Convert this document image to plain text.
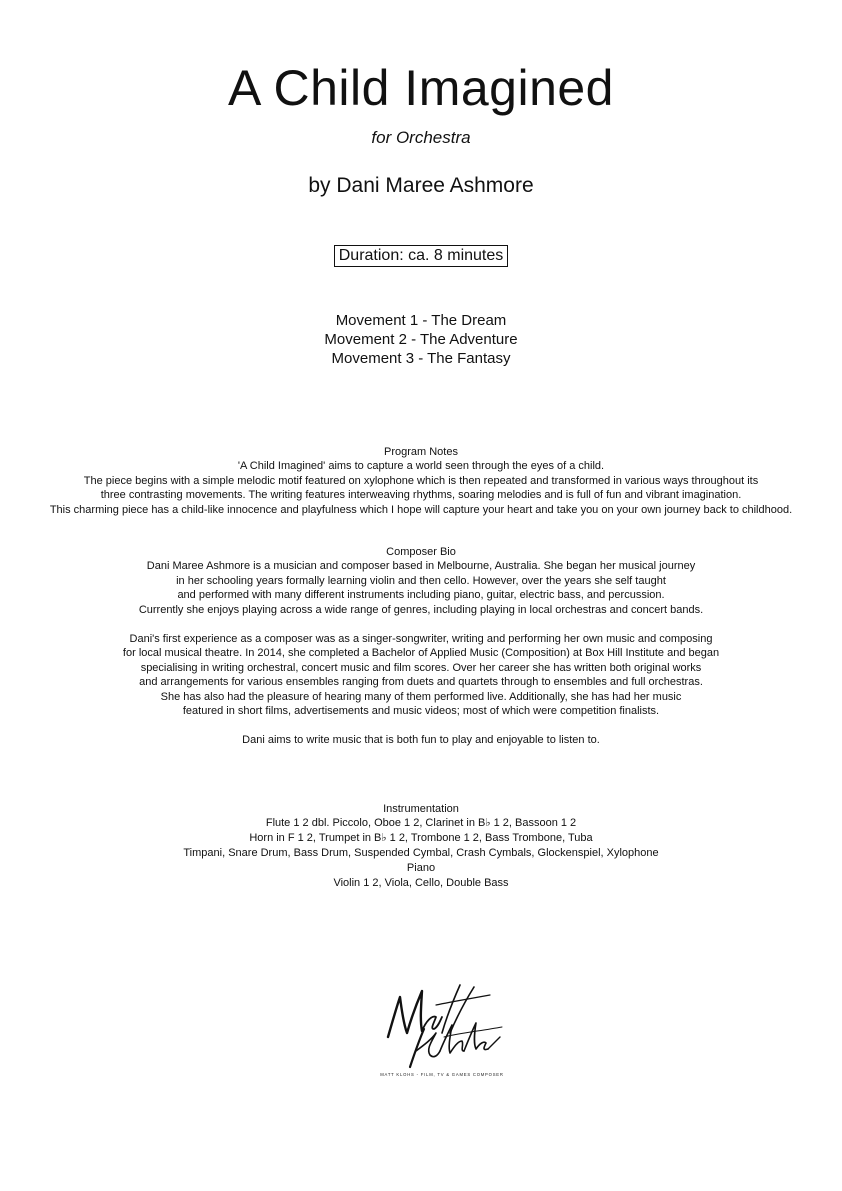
A Child Imagined
for Orchestra
by Dani Maree Ashmore
Duration: ca. 8 minutes
Movement 1 - The Dream
Movement 2 - The Adventure
Movement 3 - The Fantasy
Program Notes
'A Child Imagined' aims to capture a world seen through the eyes of a child.
The piece begins with a simple melodic motif featured on xylophone which is then repeated and transformed in various ways throughout its
three contrasting movements. The writing features interweaving rhythms, soaring melodies and is full of fun and vibrant imagination.
This charming piece has a child-like innocence and playfulness which I hope will capture your heart and take you on your own journey back to childhood.
Composer Bio
Dani Maree Ashmore is a musician and composer based in Melbourne, Australia. She began her musical journey
in her schooling years formally learning violin and then cello. However, over the years she self taught
and performed with many different instruments including piano, guitar, electric bass, and percussion.
Currently she enjoys playing across a wide range of genres, including playing in local orchestras and concert bands.
Dani's first experience as a composer was as a singer-songwriter, writing and performing her own music and composing
for local musical theatre. In 2014, she completed a Bachelor of Applied Music (Composition) at Box Hill Institute and began
specialising in writing orchestral, concert music and film scores. Over her career she has written both original works
and arrangements for various ensembles ranging from duets and quartets through to ensembles and full orchestras.
She has also had the pleasure of hearing many of them performed live. Additionally, she has had her music
featured in short films, advertisements and music videos; most of which were competition finalists.
Dani aims to write music that is both fun to play and enjoyable to listen to.
Instrumentation
Flute 1 2 dbl. Piccolo, Oboe 1 2, Clarinet in B♭ 1 2, Bassoon 1 2
Horn in F 1 2, Trumpet in B♭ 1 2, Trombone 1 2, Bass Trombone, Tuba
Timpani, Snare Drum, Bass Drum, Suspended Cymbal, Crash Cymbals, Glockenspiel, Xylophone
Piano
Violin 1 2, Viola, Cello, Double Bass
MATT KLOHS - FILM, TV & GAMES COMPOSER
